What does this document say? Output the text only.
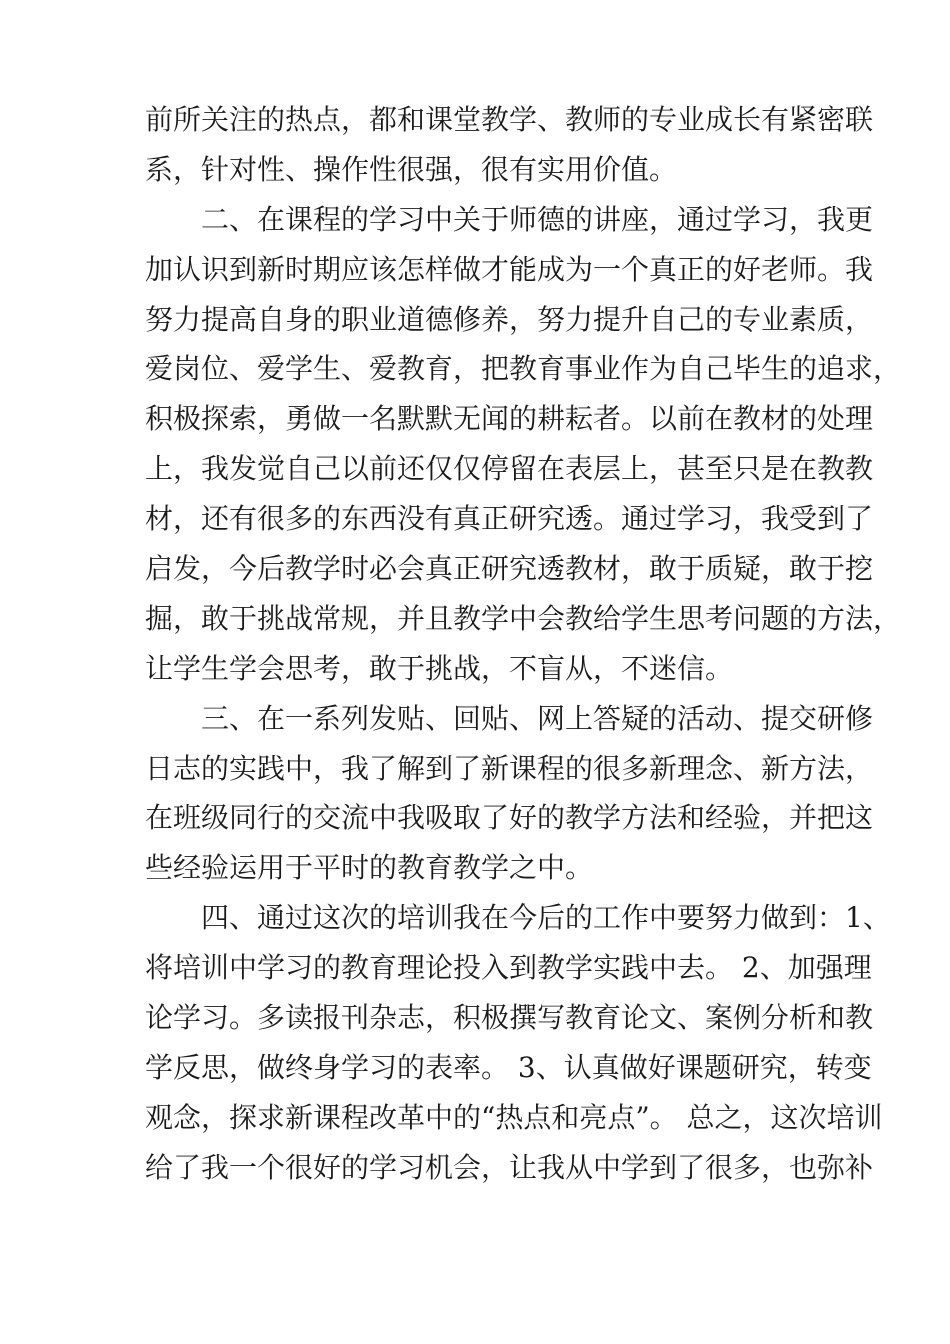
前所关注的热点，都和课堂教学、教师的专业成长有紧密联
系，针对性、操作性很强，很有实用价值。
二、在课程的学习中关于师德的讲座，通过学习，我更
加认识到新时期应该怎样做才能成为一个真正的好老师。我
努力提高自身的职业道德修养，努力提升自己的专业素质，
爱岗位、爱学生、爱教育，把教育事业作为自己毕生的追求，
积极探索，勇做一名默默无闻的耕耘者。以前在教材的处理
上，我发觉自己以前还仅仅停留在表层上，甚至只是在教教
材，还有很多的东西没有真正研究透。通过学习，我受到了
启发，今后教学时必会真正研究透教材，敢于质疑，敢于挖
掘，敢于挑战常规，并且教学中会教给学生思考问题的方法，
让学生学会思考，敢于挑战，不盲从，不迷信。
三、在一系列发贴、回贴、网上答疑的活动、提交研修
日志的实践中，我了解到了新课程的很多新理念、新方法，
在班级同行的交流中我吸取了好的教学方法和经验，并把这
些经验运用于平时的教育教学之中。
四、通过这次的培训我在今后的工作中要努力做到：1、
将培训中学习的教育理论投入到教学实践中去。 2、加强理
论学习。多读报刊杂志，积极撰写教育论文、案例分析和教
学反思，做终身学习的表率。 3、认真做好课题研究，转变
观念，探求新课程改革中的“热点和亮点”。 总之，这次培训
给了我一个很好的学习机会，让我从中学到了很多，也弥补
